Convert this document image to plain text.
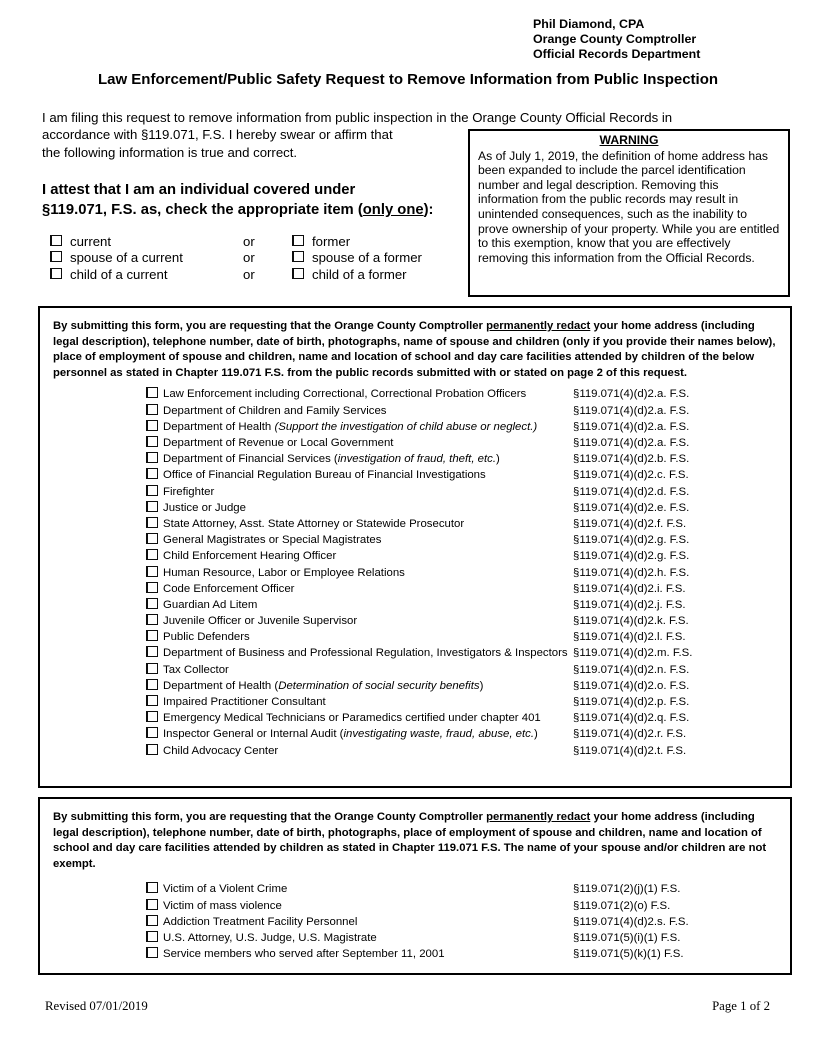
Phil Diamond, CPA
Orange County Comptroller
Official Records Department
Law Enforcement/Public Safety Request to Remove Information from Public Inspection
I am filing this request to remove information from public inspection in the Orange County Official Records in
accordance with §119.071, F.S. I hereby swear or affirm that
the following information is true and correct.
WARNING
As of July 1, 2019, the definition of home address has been expanded to include the parcel identification number and legal description. Removing this information from the public records may result in unintended consequences, such as the inability to prove ownership of your property. While you are entitled to this exemption, know that you are effectively removing this information from the Official Records.
I attest that I am an individual covered under
§119.071, F.S. as, check the appropriate item (only one):
current	or	former
spouse of a current	or	spouse of a former
child of a current	or	child of a former
By submitting this form, you are requesting that the Orange County Comptroller permanently redact your home address (including legal description), telephone number, date of birth, photographs, name of spouse and children (only if you provide their names below), place of employment of spouse and children, name and location of school and day care facilities attended by children of the below personnel as stated in Chapter 119.071 F.S. from the public records submitted with or stated on page 2 of this request.
Law Enforcement including Correctional, Correctional Probation Officers	§119.071(4)(d)2.a. F.S.
Department of Children and Family Services	§119.071(4)(d)2.a. F.S.
Department of Health (Support the investigation of child abuse or neglect.)	§119.071(4)(d)2.a. F.S.
Department of Revenue or Local Government	§119.071(4)(d)2.a. F.S.
Department of Financial Services (investigation of fraud, theft, etc.)	§119.071(4)(d)2.b. F.S.
Office of Financial Regulation Bureau of Financial Investigations	§119.071(4)(d)2.c. F.S.
Firefighter	§119.071(4)(d)2.d. F.S.
Justice or Judge	§119.071(4)(d)2.e. F.S.
State Attorney, Asst. State Attorney or Statewide Prosecutor	§119.071(4)(d)2.f. F.S.
General Magistrates or Special Magistrates	§119.071(4)(d)2.g. F.S.
Child Enforcement Hearing Officer	§119.071(4)(d)2.g. F.S.
Human Resource, Labor or Employee Relations	§119.071(4)(d)2.h. F.S.
Code Enforcement Officer	§119.071(4)(d)2.i. F.S.
Guardian Ad Litem	§119.071(4)(d)2.j. F.S.
Juvenile Officer or Juvenile Supervisor	§119.071(4)(d)2.k. F.S.
Public Defenders	§119.071(4)(d)2.l. F.S.
Department of Business and Professional Regulation, Investigators & Inspectors §119.071(4)(d)2.m. F.S.
Tax Collector	§119.071(4)(d)2.n. F.S.
Department of Health (Determination of social security benefits)	§119.071(4)(d)2.o. F.S.
Impaired Practitioner Consultant	§119.071(4)(d)2.p. F.S.
Emergency Medical Technicians or Paramedics certified under chapter 401	§119.071(4)(d)2.q. F.S.
Inspector General or Internal Audit (investigating waste, fraud, abuse, etc.)	§119.071(4)(d)2.r. F.S.
Child Advocacy Center	§119.071(4)(d)2.t. F.S.
By submitting this form, you are requesting that the Orange County Comptroller permanently redact your home address (including legal description), telephone number, date of birth, photographs, place of employment of spouse and children, name and location of school and day care facilities attended by children as stated in Chapter 119.071 F.S. The name of your spouse and/or children are not exempt.
Victim of a Violent Crime	§119.071(2)(j)(1) F.S.
Victim of mass violence	§119.071(2)(o) F.S.
Addiction Treatment Facility Personnel	§119.071(4)(d)2.s. F.S.
U.S. Attorney, U.S. Judge, U.S. Magistrate	§119.071(5)(i)(1) F.S.
Service members who served after September 11, 2001	§119.071(5)(k)(1) F.S.
Revised 07/01/2019	Page 1 of 2
